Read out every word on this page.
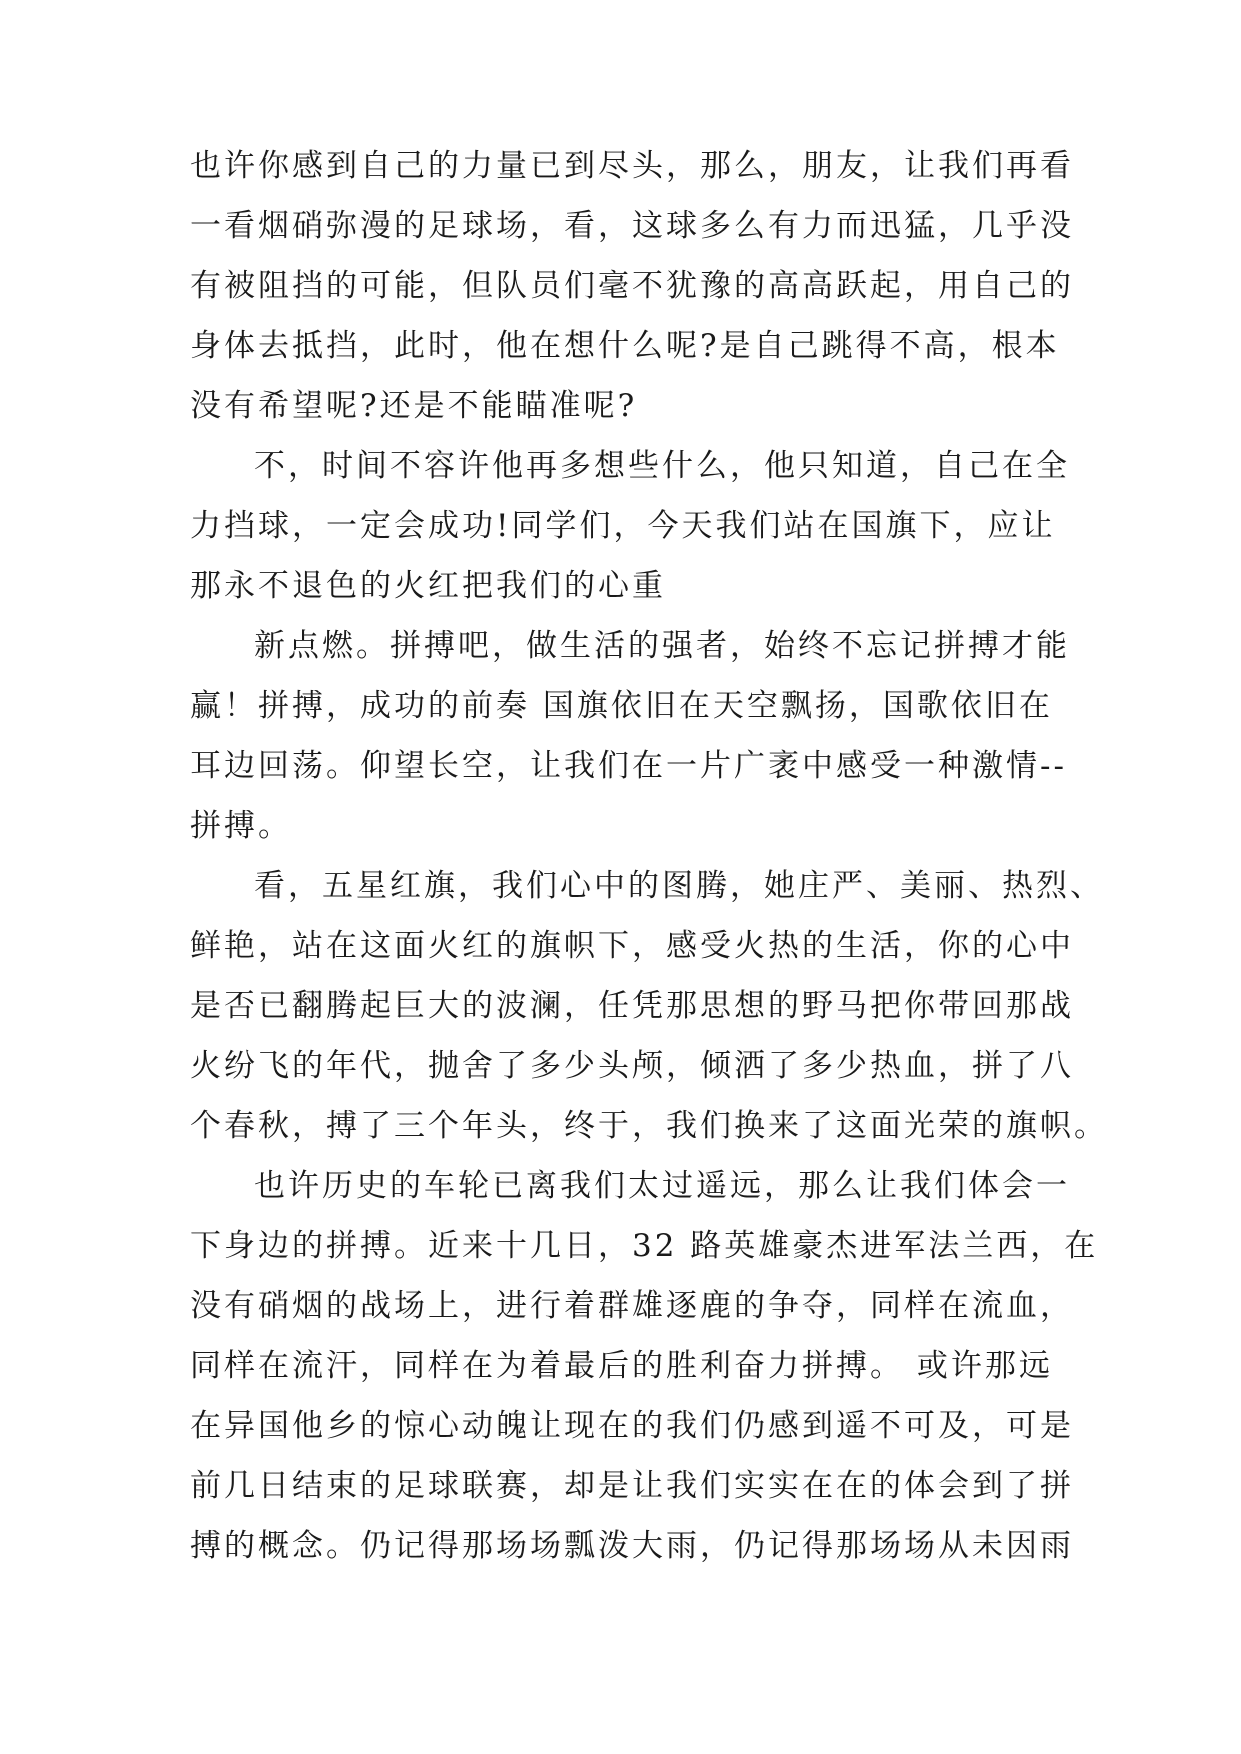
也许你感到自己的力量已到尽头，那么，朋友，让我们再看
一看烟硝弥漫的足球场，看，这球多么有力而迅猛，几乎没
有被阻挡的可能，但队员们毫不犹豫的高高跃起，用自己的
身体去抵挡，此时，他在想什么呢?是自己跳得不高，根本
没有希望呢?还是不能瞄准呢?
不，时间不容许他再多想些什么，他只知道，自己在全
力挡球，一定会成功!同学们，今天我们站在国旗下，应让
那永不退色的火红把我们的心重
新点燃。拼搏吧，做生活的强者，始终不忘记拼搏才能
赢！拼搏，成功的前奏 国旗依旧在天空飘扬，国歌依旧在
耳边回荡。仰望长空，让我们在一片广袤中感受一种激情--
拼搏。
看，五星红旗，我们心中的图腾，她庄严、美丽、热烈、
鲜艳，站在这面火红的旗帜下，感受火热的生活，你的心中
是否已翻腾起巨大的波澜，任凭那思想的野马把你带回那战
火纷飞的年代，抛舍了多少头颅，倾洒了多少热血，拼了八
个春秋，搏了三个年头，终于，我们换来了这面光荣的旗帜。
也许历史的车轮已离我们太过遥远，那么让我们体会一
下身边的拼搏。近来十几日，32 路英雄豪杰进军法兰西，在
没有硝烟的战场上，进行着群雄逐鹿的争夺，同样在流血，
同样在流汗，同样在为着最后的胜利奋力拼搏。 或许那远
在异国他乡的惊心动魄让现在的我们仍感到遥不可及，可是
前几日结束的足球联赛，却是让我们实实在在的体会到了拼
搏的概念。仍记得那场场瓢泼大雨，仍记得那场场从未因雨
